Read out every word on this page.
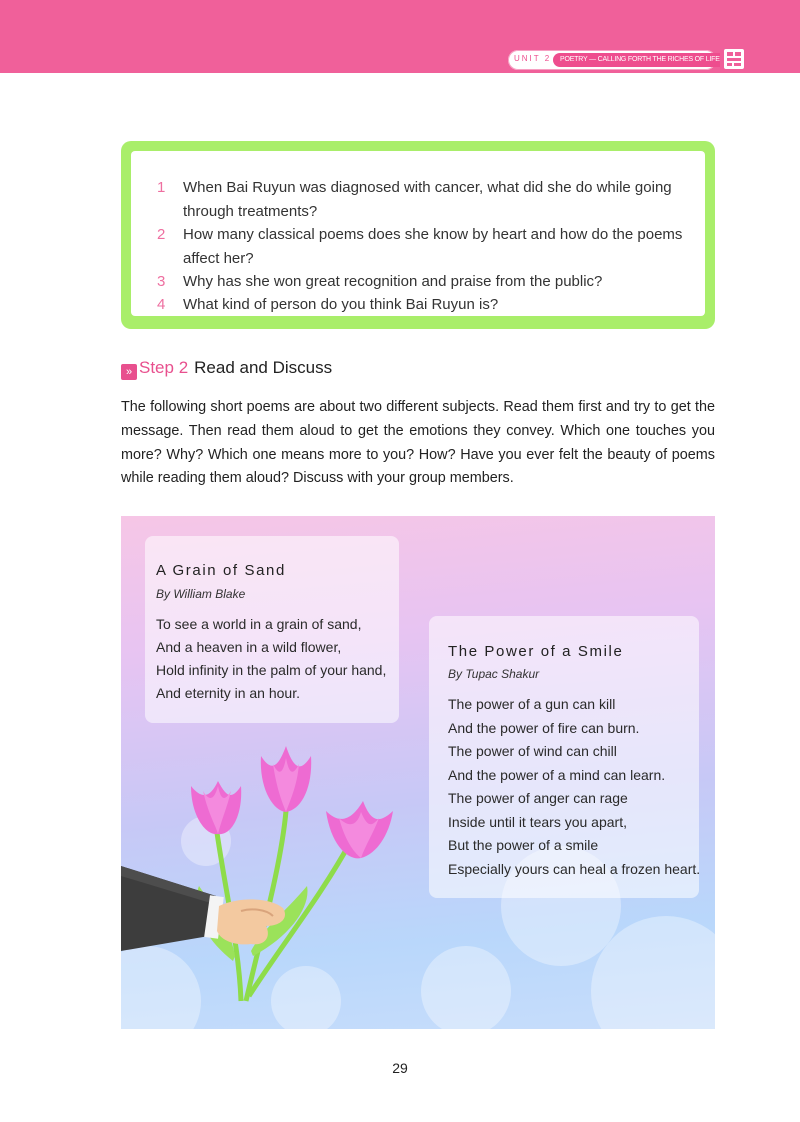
UNIT 2	POETRY — CALLING FORTH THE RICHES OF LIFE
1 When Bai Ruyun was diagnosed with cancer, what did she do while going through treatments?
2 How many classical poems does she know by heart and how do the poems affect her?
3 Why has she won great recognition and praise from the public?
4 What kind of person do you think Bai Ruyun is?
» Step 2 Read and Discuss
The following short poems are about two different subjects. Read them first and try to get the message. Then read them aloud to get the emotions they convey. Which one touches you more? Why? Which one means more to you? How? Have you ever felt the beauty of poems while reading them aloud? Discuss with your group members.
A Grain of Sand
By William Blake
To see a world in a grain of sand,
And a heaven in a wild flower,
Hold infinity in the palm of your hand,
And eternity in an hour.
The Power of a Smile
By Tupac Shakur
The power of a gun can kill
And the power of fire can burn.
The power of wind can chill
And the power of a mind can learn.
The power of anger can rage
Inside until it tears you apart,
But the power of a smile
Especially yours can heal a frozen heart.
29
